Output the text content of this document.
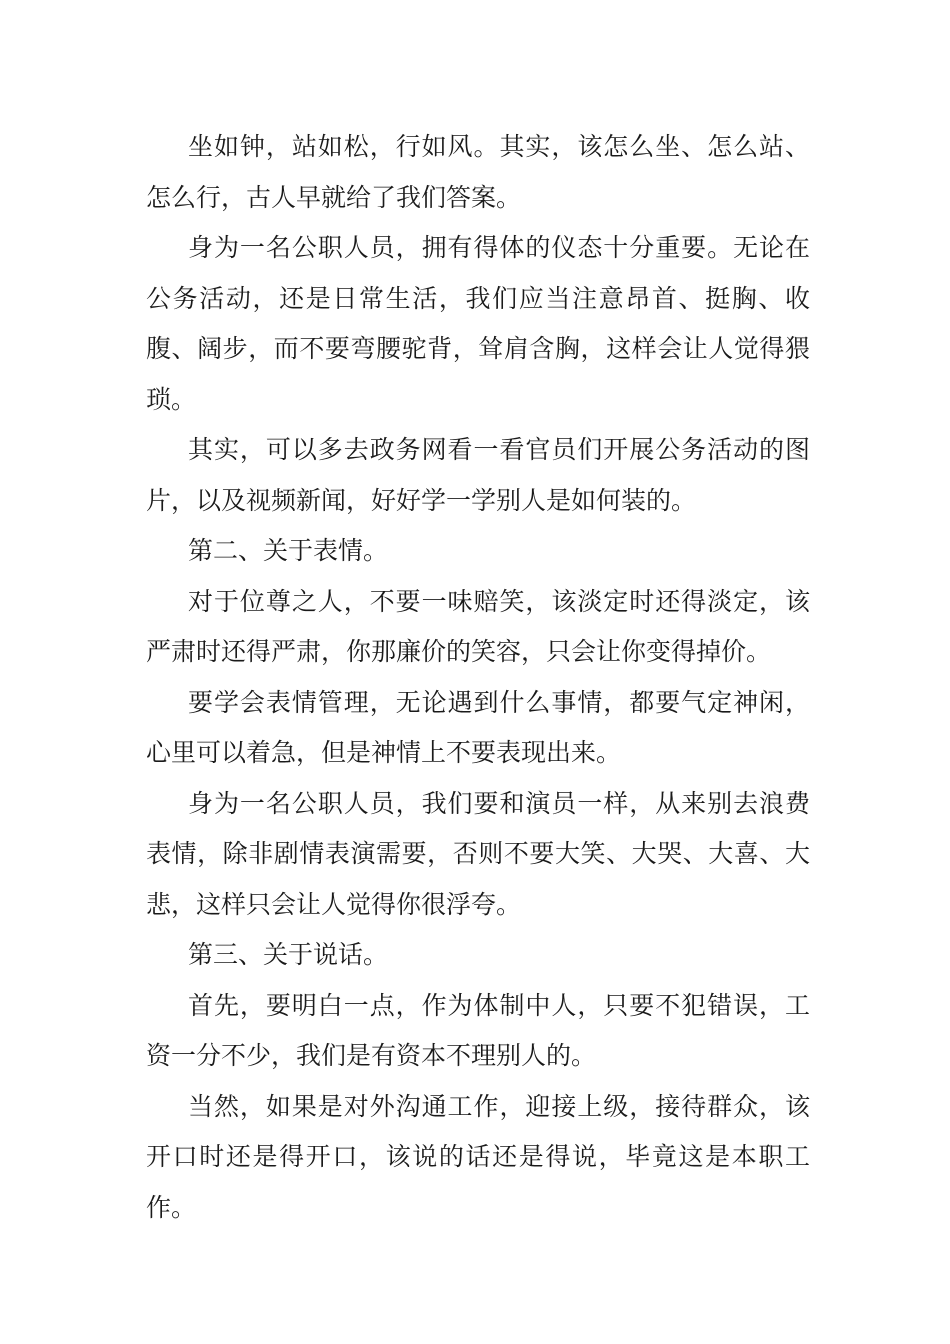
坐如钟，站如松，行如风。其实，该怎么坐、怎么站、怎么行，古人早就给了我们答案。

身为一名公职人员，拥有得体的仪态十分重要。无论在公务活动，还是日常生活，我们应当注意昂首、挺胸、收腹、阔步，而不要弯腰驼背，耸肩含胸，这样会让人觉得猥琐。

其实，可以多去政务网看一看官员们开展公务活动的图片，以及视频新闻，好好学一学别人是如何装的。

第二、关于表情。

对于位尊之人，不要一味赔笑，该淡定时还得淡定，该严肃时还得严肃，你那廉价的笑容，只会让你变得掉价。

要学会表情管理，无论遇到什么事情，都要气定神闲，心里可以着急，但是神情上不要表现出来。

身为一名公职人员，我们要和演员一样，从来别去浪费表情，除非剧情表演需要，否则不要大笑、大哭、大喜、大悲，这样只会让人觉得你很浮夸。

第三、关于说话。

首先，要明白一点，作为体制中人，只要不犯错误，工资一分不少，我们是有资本不理别人的。

当然，如果是对外沟通工作，迎接上级，接待群众，该开口时还是得开口，该说的话还是得说，毕竟这是本职工作。
